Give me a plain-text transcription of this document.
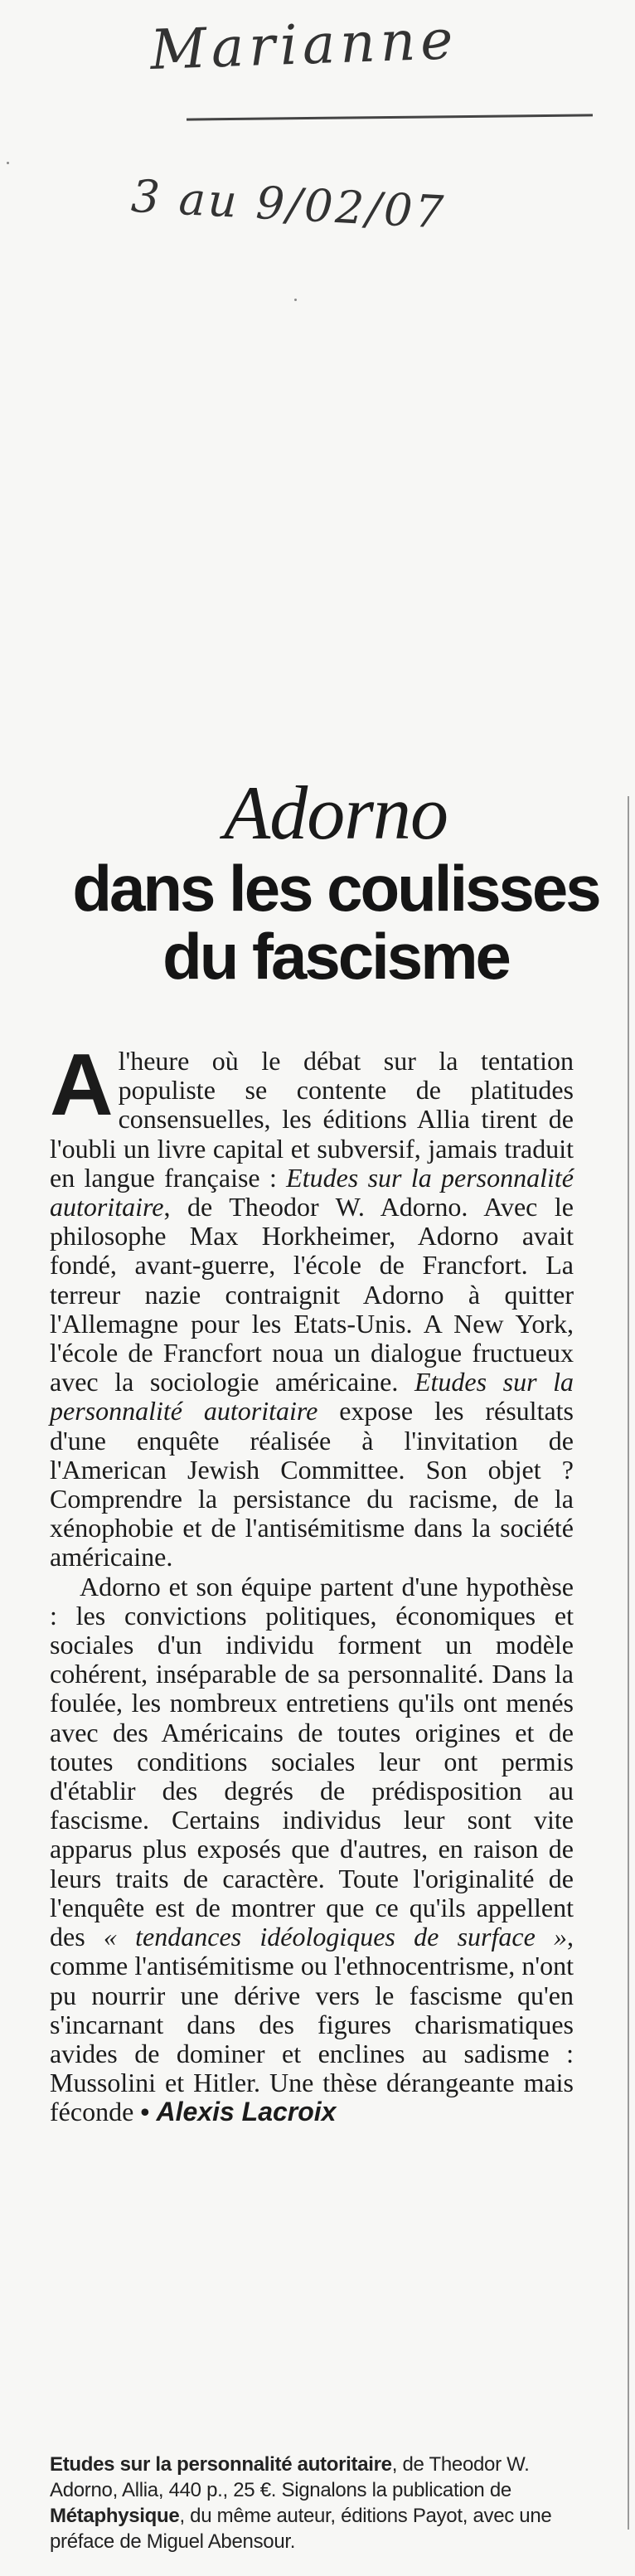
Marianne
3 au 9/02/07
Adorno
dans les coulisses
du fascisme

Al'heure où le débat sur la tentation populiste se contente de platitudes consensuelles, les éditions Allia tirent de l'oubli un livre capital et subversif, jamais traduit en langue française : Etudes sur la personnalité autoritaire, de Theodor W. Adorno. Avec le philosophe Max Horkheimer, Adorno avait fondé, avant-guerre, l'école de Francfort. La terreur nazie contraignit Adorno à quitter l'Allemagne pour les Etats-Unis. A New York, l'école de Francfort noua un dialogue fructueux avec la sociologie américaine. Etudes sur la personnalité autoritaire expose les résultats d'une enquête réalisée à l'invitation de l'American Jewish Committee. Son objet ? Comprendre la persistance du racisme, de la xénophobie et de l'antisémitisme dans la société américaine.

Adorno et son équipe partent d'une hypothèse : les convictions politiques, économiques et sociales d'un individu forment un modèle cohérent, inséparable de sa personnalité. Dans la foulée, les nombreux entretiens qu'ils ont menés avec des Américains de toutes origines et de toutes conditions sociales leur ont permis d'établir des degrés de prédisposition au fascisme. Certains individus leur sont vite apparus plus exposés que d'autres, en raison de leurs traits de caractère. Toute l'originalité de l'enquête est de montrer que ce qu'ils appellent des « tendances idéologiques de surface », comme l'antisémitisme ou l'ethnocentrisme, n'ont pu nourrir une dérive vers le fascisme qu'en s'incarnant dans des figures charismatiques avides de dominer et enclines au sadisme : Mussolini et Hitler. Une thèse dérangeante mais féconde • Alexis Lacroix

Etudes sur la personnalité autoritaire, de Theodor W. Adorno, Allia, 440 p., 25 €. Signalons la publication de Métaphysique, du même auteur, éditions Payot, avec une préface de Miguel Abensour.
